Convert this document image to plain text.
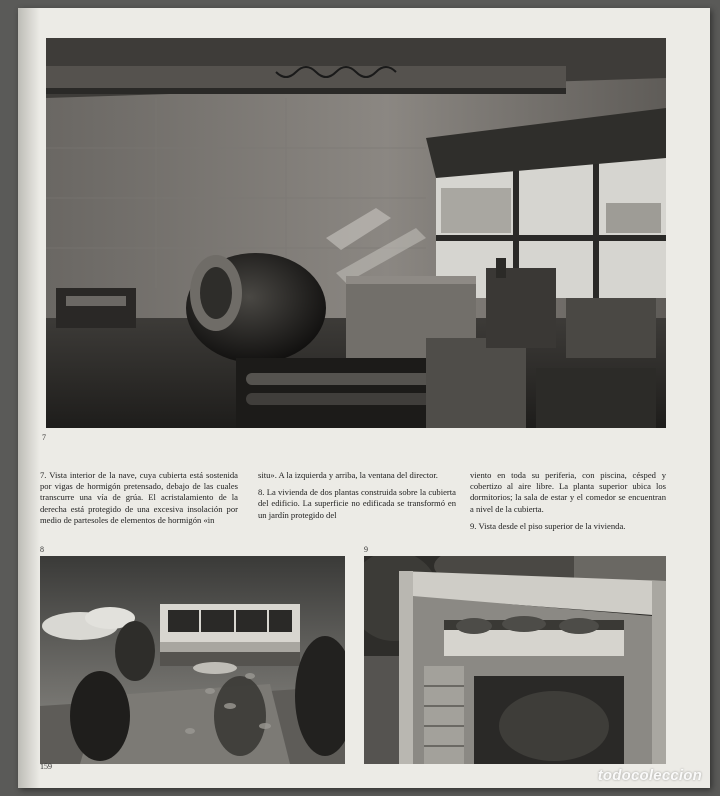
7

7. Vista interior de la nave, cuya cubierta está sostenida por vigas de hormigón pretensado, debajo de las cuales transcurre una vía de grúa. El acristalamiento de la derecha está protegido de una excesiva insolación por medio de partesoles de elementos de hormigón «in

situ». A la izquierda y arriba, la ventana del director.

8. La vivienda de dos plantas construida sobre la cubierta del edificio. La superficie no edificada se transformó en un jardín protegido del

viento en toda su periferia, con piscina, césped y cobertizo al aire libre. La planta superior ubica los dormitorios; la sala de estar y el comedor se encuentran a nivel de la cubierta.

9. Vista desde el piso superior de la vivienda.

8	9

159
todocoleccion
